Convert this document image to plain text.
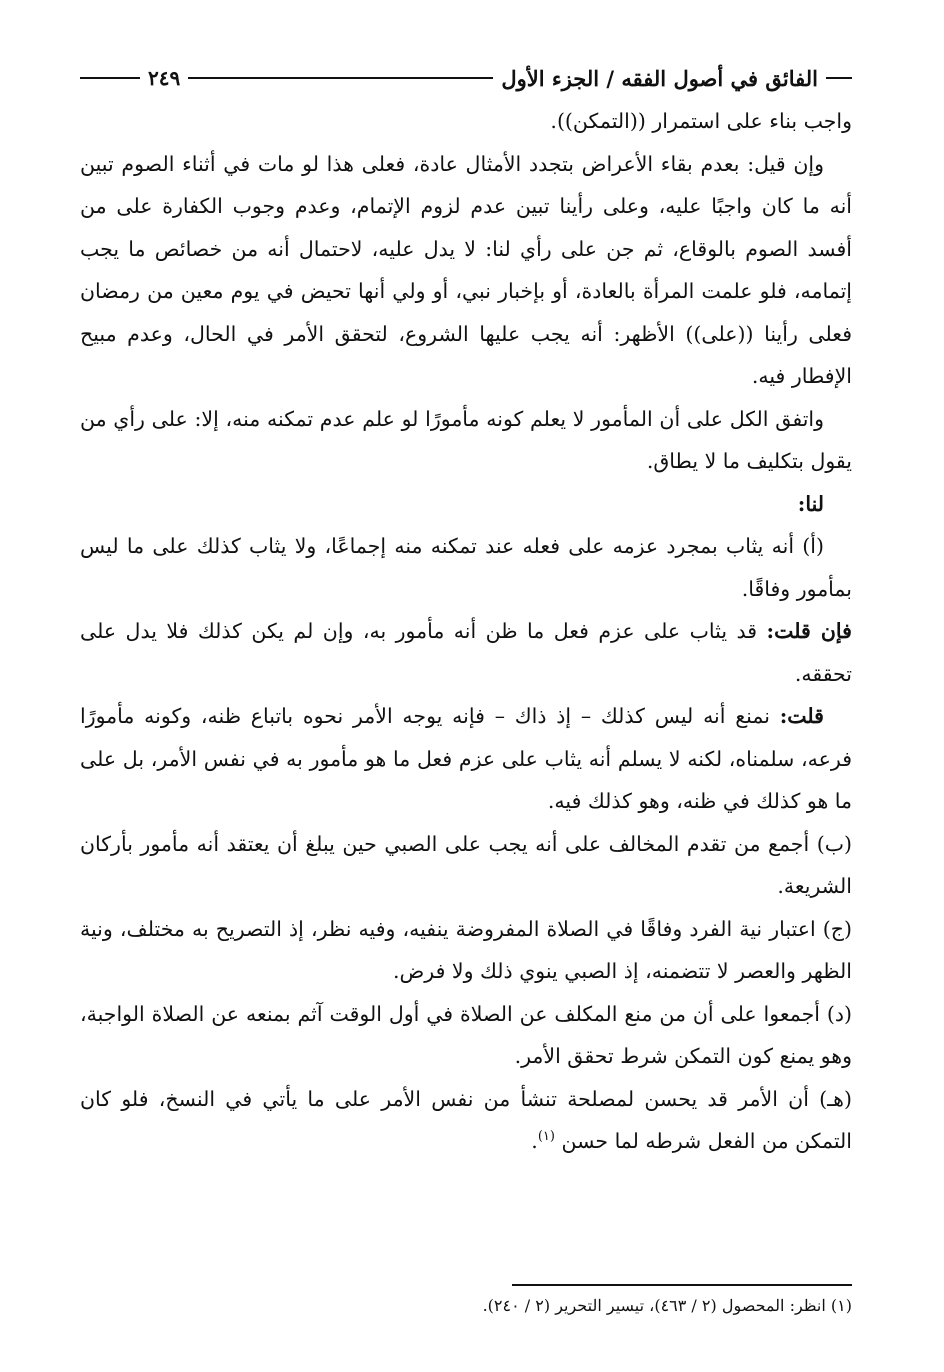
الفائق في أصول الفقه / الجزء الأول
٢٤٩

واجب بناء على استمرار ((التمكن)).

وإن قيل: بعدم بقاء الأعراض بتجدد الأمثال عادة، فعلى هذا لو مات في أثناء الصوم تبين أنه ما كان واجبًا عليه، وعلى رأينا تبين عدم لزوم الإتمام، وعدم وجوب الكفارة على من أفسد الصوم بالوقاع، ثم جن على رأي لنا: لا يدل عليه، لاحتمال أنه من خصائص ما يجب إتمامه، فلو علمت المرأة بالعادة، أو بإخبار نبي، أو ولي أنها تحيض في يوم معين من رمضان فعلى رأينا ((على)) الأظهر: أنه يجب عليها الشروع، لتحقق الأمر في الحال، وعدم مبيح الإفطار فيه.

واتفق الكل على أن المأمور لا يعلم كونه مأمورًا لو علم عدم تمكنه منه، إلا: على رأي من يقول بتكليف ما لا يطاق.

لنا:

(أ) أنه يثاب بمجرد عزمه على فعله عند تمكنه منه إجماعًا، ولا يثاب كذلك على ما ليس بمأمور وفاقًا.

فإن قلت: قد يثاب على عزم فعل ما ظن أنه مأمور به، وإن لم يكن كذلك فلا يدل على تحققه.

قلت: نمنع أنه ليس كذلك – إذ ذاك – فإنه يوجه الأمر نحوه باتباع ظنه، وكونه مأمورًا فرعه، سلمناه، لكنه لا يسلم أنه يثاب على عزم فعل ما هو مأمور به في نفس الأمر، بل على ما هو كذلك في ظنه، وهو كذلك فيه.

(ب) أجمع من تقدم المخالف على أنه يجب على الصبي حين يبلغ أن يعتقد أنه مأمور بأركان الشريعة.

(ج) اعتبار نية الفرد وفاقًا في الصلاة المفروضة ينفيه، وفيه نظر، إذ التصريح به مختلف، ونية الظهر والعصر لا تتضمنه، إذ الصبي ينوي ذلك ولا فرض.

(د) أجمعوا على أن من منع المكلف عن الصلاة في أول الوقت آثم بمنعه عن الصلاة الواجبة، وهو يمنع كون التمكن شرط تحقق الأمر.

(هـ) أن الأمر قد يحسن لمصلحة تنشأ من نفس الأمر على ما يأتي في النسخ، فلو كان التمكن من الفعل شرطه لما حسن $^{(١)}$.

(١) انظر: المحصول (٢ / ٤٦٣)، تيسير التحرير (٢ / ٢٤٠).
